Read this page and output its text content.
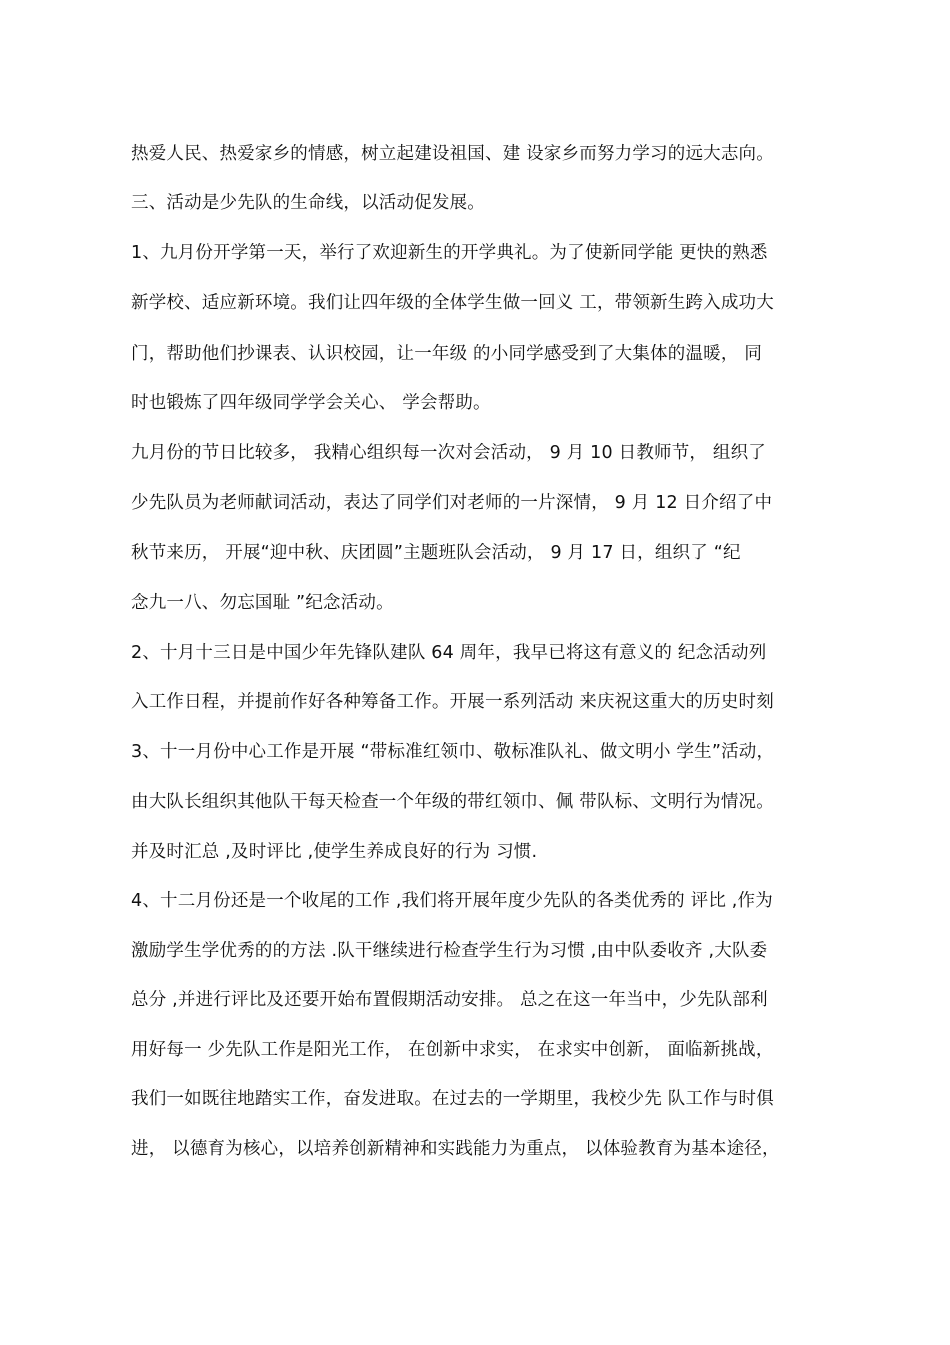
热爱人民、热爱家乡的情感，树立起建设祖国、建 设家乡而努力学习的远大志向。
三、活动是少先队的生命线，以活动促发展。
1、九月份开学第一天，举行了欢迎新生的开学典礼。为了使新同学能 更快的熟悉
新学校、适应新环境。我们让四年级的全体学生做一回义 工，带领新生跨入成功大
门，帮助他们抄课表、认识校园，让一年级 的小同学感受到了大集体的温暖， 同
时也锻炼了四年级同学学会关心、 学会帮助。
九月份的节日比较多， 我精心组织每一次对会活动， 9 月 10 日教师节， 组织了
少先队员为老师献词活动，表达了同学们对老师的一片深情， 9 月 12 日介绍了中
秋节来历， 开展“迎中秋、庆团圆”主题班队会活动， 9 月 17 日，组织了 “纪
念九一八、勿忘国耻 ”纪念活动。
2、十月十三日是中国少年先锋队建队 64 周年，我早已将这有意义的 纪念活动列
入工作日程，并提前作好各种筹备工作。开展一系列活动 来庆祝这重大的历史时刻
3、十一月份中心工作是开展 “带标准红领巾、敬标准队礼、做文明小 学生”活动，
由大队长组织其他队干每天检查一个年级的带红领巾、佩 带队标、文明行为情况。
并及时汇总 ,及时评比 ,使学生养成良好的行为 习惯.
4、十二月份还是一个收尾的工作 ,我们将开展年度少先队的各类优秀的 评比 ,作为
激励学生学优秀的的方法 .队干继续进行检查学生行为习惯 ,由中队委收齐 ,大队委
总分 ,并进行评比及还要开始布置假期活动安排。 总之在这一年当中，少先队部利
用好每一 少先队工作是阳光工作， 在创新中求实， 在求实中创新， 面临新挑战，
我们一如既往地踏实工作，奋发进取。在过去的一学期里，我校少先 队工作与时俱
进， 以德育为核心，以培养创新精神和实践能力为重点， 以体验教育为基本途径，
